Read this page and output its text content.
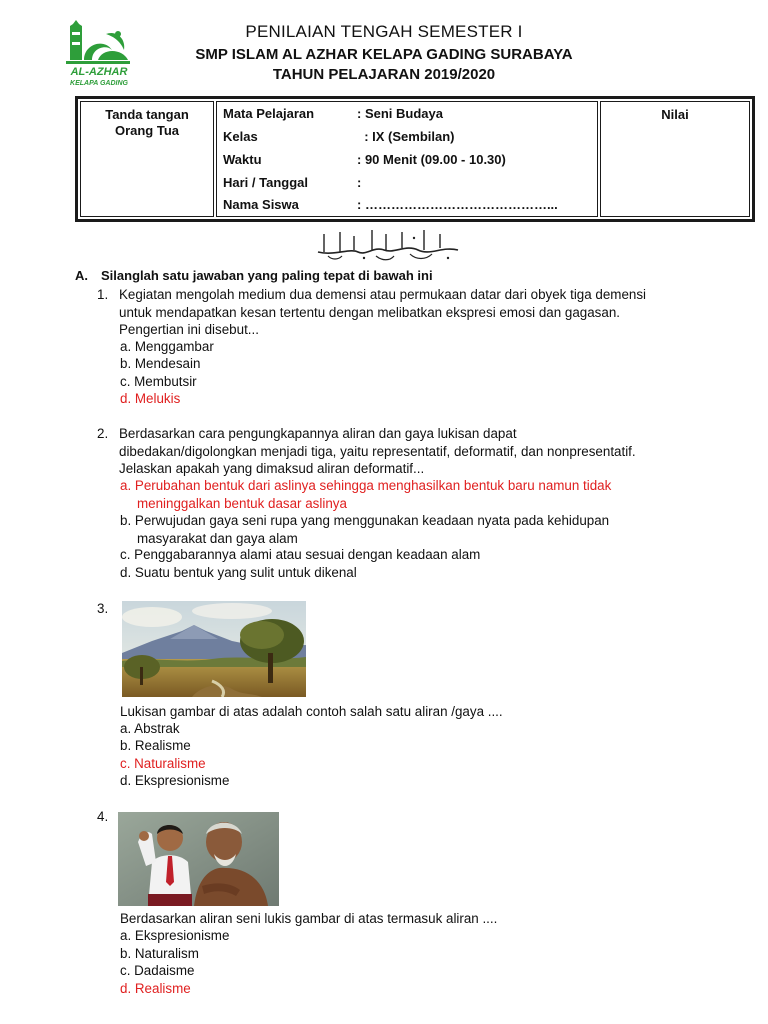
PENILAIAN TENGAH SEMESTER I
SMP ISLAM AL AZHAR KELAPA GADING SURABAYA
TAHUN PELAJARAN 2019/2020
AL-AZHAR
KELAPA GADING
Tanda tangan
Orang Tua
Mata Pelajaran	: Seni Budaya
Kelas	: IX (Sembilan)
Waktu	: 90 Menit (09.00 - 10.30)
Hari / Tanggal	:
Nama Siswa	: ……………………………………...
Nilai
A. Silanglah satu jawaban yang paling tepat di bawah ini
1. Kegiatan mengolah medium dua demensi atau permukaan datar dari obyek tiga demensi
untuk mendapatkan kesan tertentu dengan melibatkan ekspresi emosi dan gagasan.
Pengertian ini disebut...
a. Menggambar
b. Mendesain
c. Membutsir
d. Melukis
2. Berdasarkan cara pengungkapannya aliran dan gaya lukisan dapat
dibedakan/digolongkan menjadi tiga, yaitu representatif, deformatif, dan nonpresentatif.
Jelaskan apakah yang dimaksud aliran deformatif...
a. Perubahan bentuk dari aslinya sehingga menghasilkan bentuk baru namun tidak
meninggalkan bentuk dasar aslinya
b. Perwujudan gaya seni rupa yang menggunakan keadaan nyata pada kehidupan
masyarakat dan gaya alam
c. Penggabarannya alami atau sesuai dengan keadaan alam
d. Suatu bentuk yang sulit untuk dikenal
3.
Lukisan gambar di atas adalah contoh salah satu aliran /gaya ....
a. Abstrak
b. Realisme
c. Naturalisme
d. Ekspresionisme
4.
Berdasarkan aliran seni lukis gambar di atas termasuk aliran ....
a. Ekspresionisme
b. Naturalism
c. Dadaisme
d. Realisme
